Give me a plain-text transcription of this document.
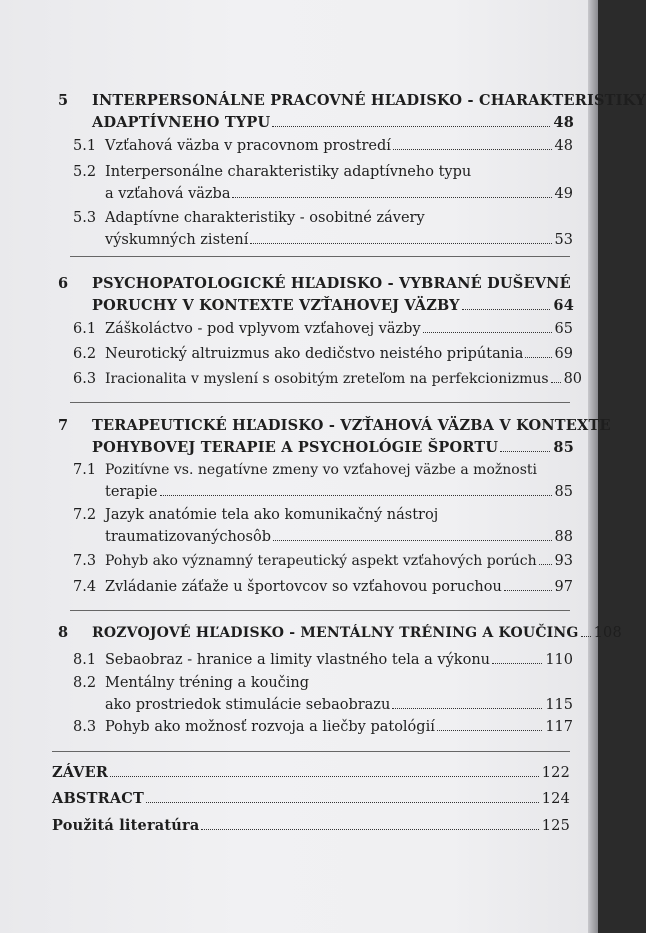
5 INTERPERSONÁLNE PRACOVNÉ HĽADISKO - CHARAKTERISTIKY
ADAPTÍVNEHO TYPU	48
5.1 Vzťahová väzba v pracovnom prostredí	48
5.2 Interpersonálne charakteristiky adaptívneho typu
a vzťahová väzba	49
5.3 Adaptívne charakteristiky - osobitné závery
výskumných zistení	53
6 PSYCHOPATOLOGICKÉ HĽADISKO - VYBRANÉ DUŠEVNÉ
PORUCHY V KONTEXTE VZŤAHOVEJ VÄZBY	64
6.1 Záškoláctvo - pod vplyvom vzťahovej väzby	65
6.2 Neurotický altruizmus ako dedičstvo neistého pripútania 69
6.3 Iracionalita v myslení s osobitým zreteľom na perfekcionizmus 80
7 TERAPEUTICKÉ HĽADISKO - VZŤAHOVÁ VÄZBA V KONTEXTE
POHYBOVEJ TERAPIE A PSYCHOLÓGIE ŠPORTU	85
7.1 Pozitívne vs. negatívne zmeny vo vzťahovej väzbe a možnosti
terapie	85
7.2 Jazyk anatómie tela ako komunikačný nástroj
traumatizovanýchosôb	88
7.3 Pohyb ako významný terapeutický aspekt vzťahových porúch 93
7.4 Zvládanie záťaže u športovcov so vzťahovou poruchou	97
8	ROZVOJOVÉ HĽADISKO - MENTÁLNY TRÉNING A KOUČING 108
8.1 Sebaobraz - hranice a limity vlastného tela a výkonu	110
8.2 Mentálny tréning a koučing
ako prostriedok stimulácie sebaobrazu	115
8.3 Pohyb ako možnosť rozvoja a liečby patológií	117
ZÁVER	122
ABSTRACT	124
Použitá literatúra	125
